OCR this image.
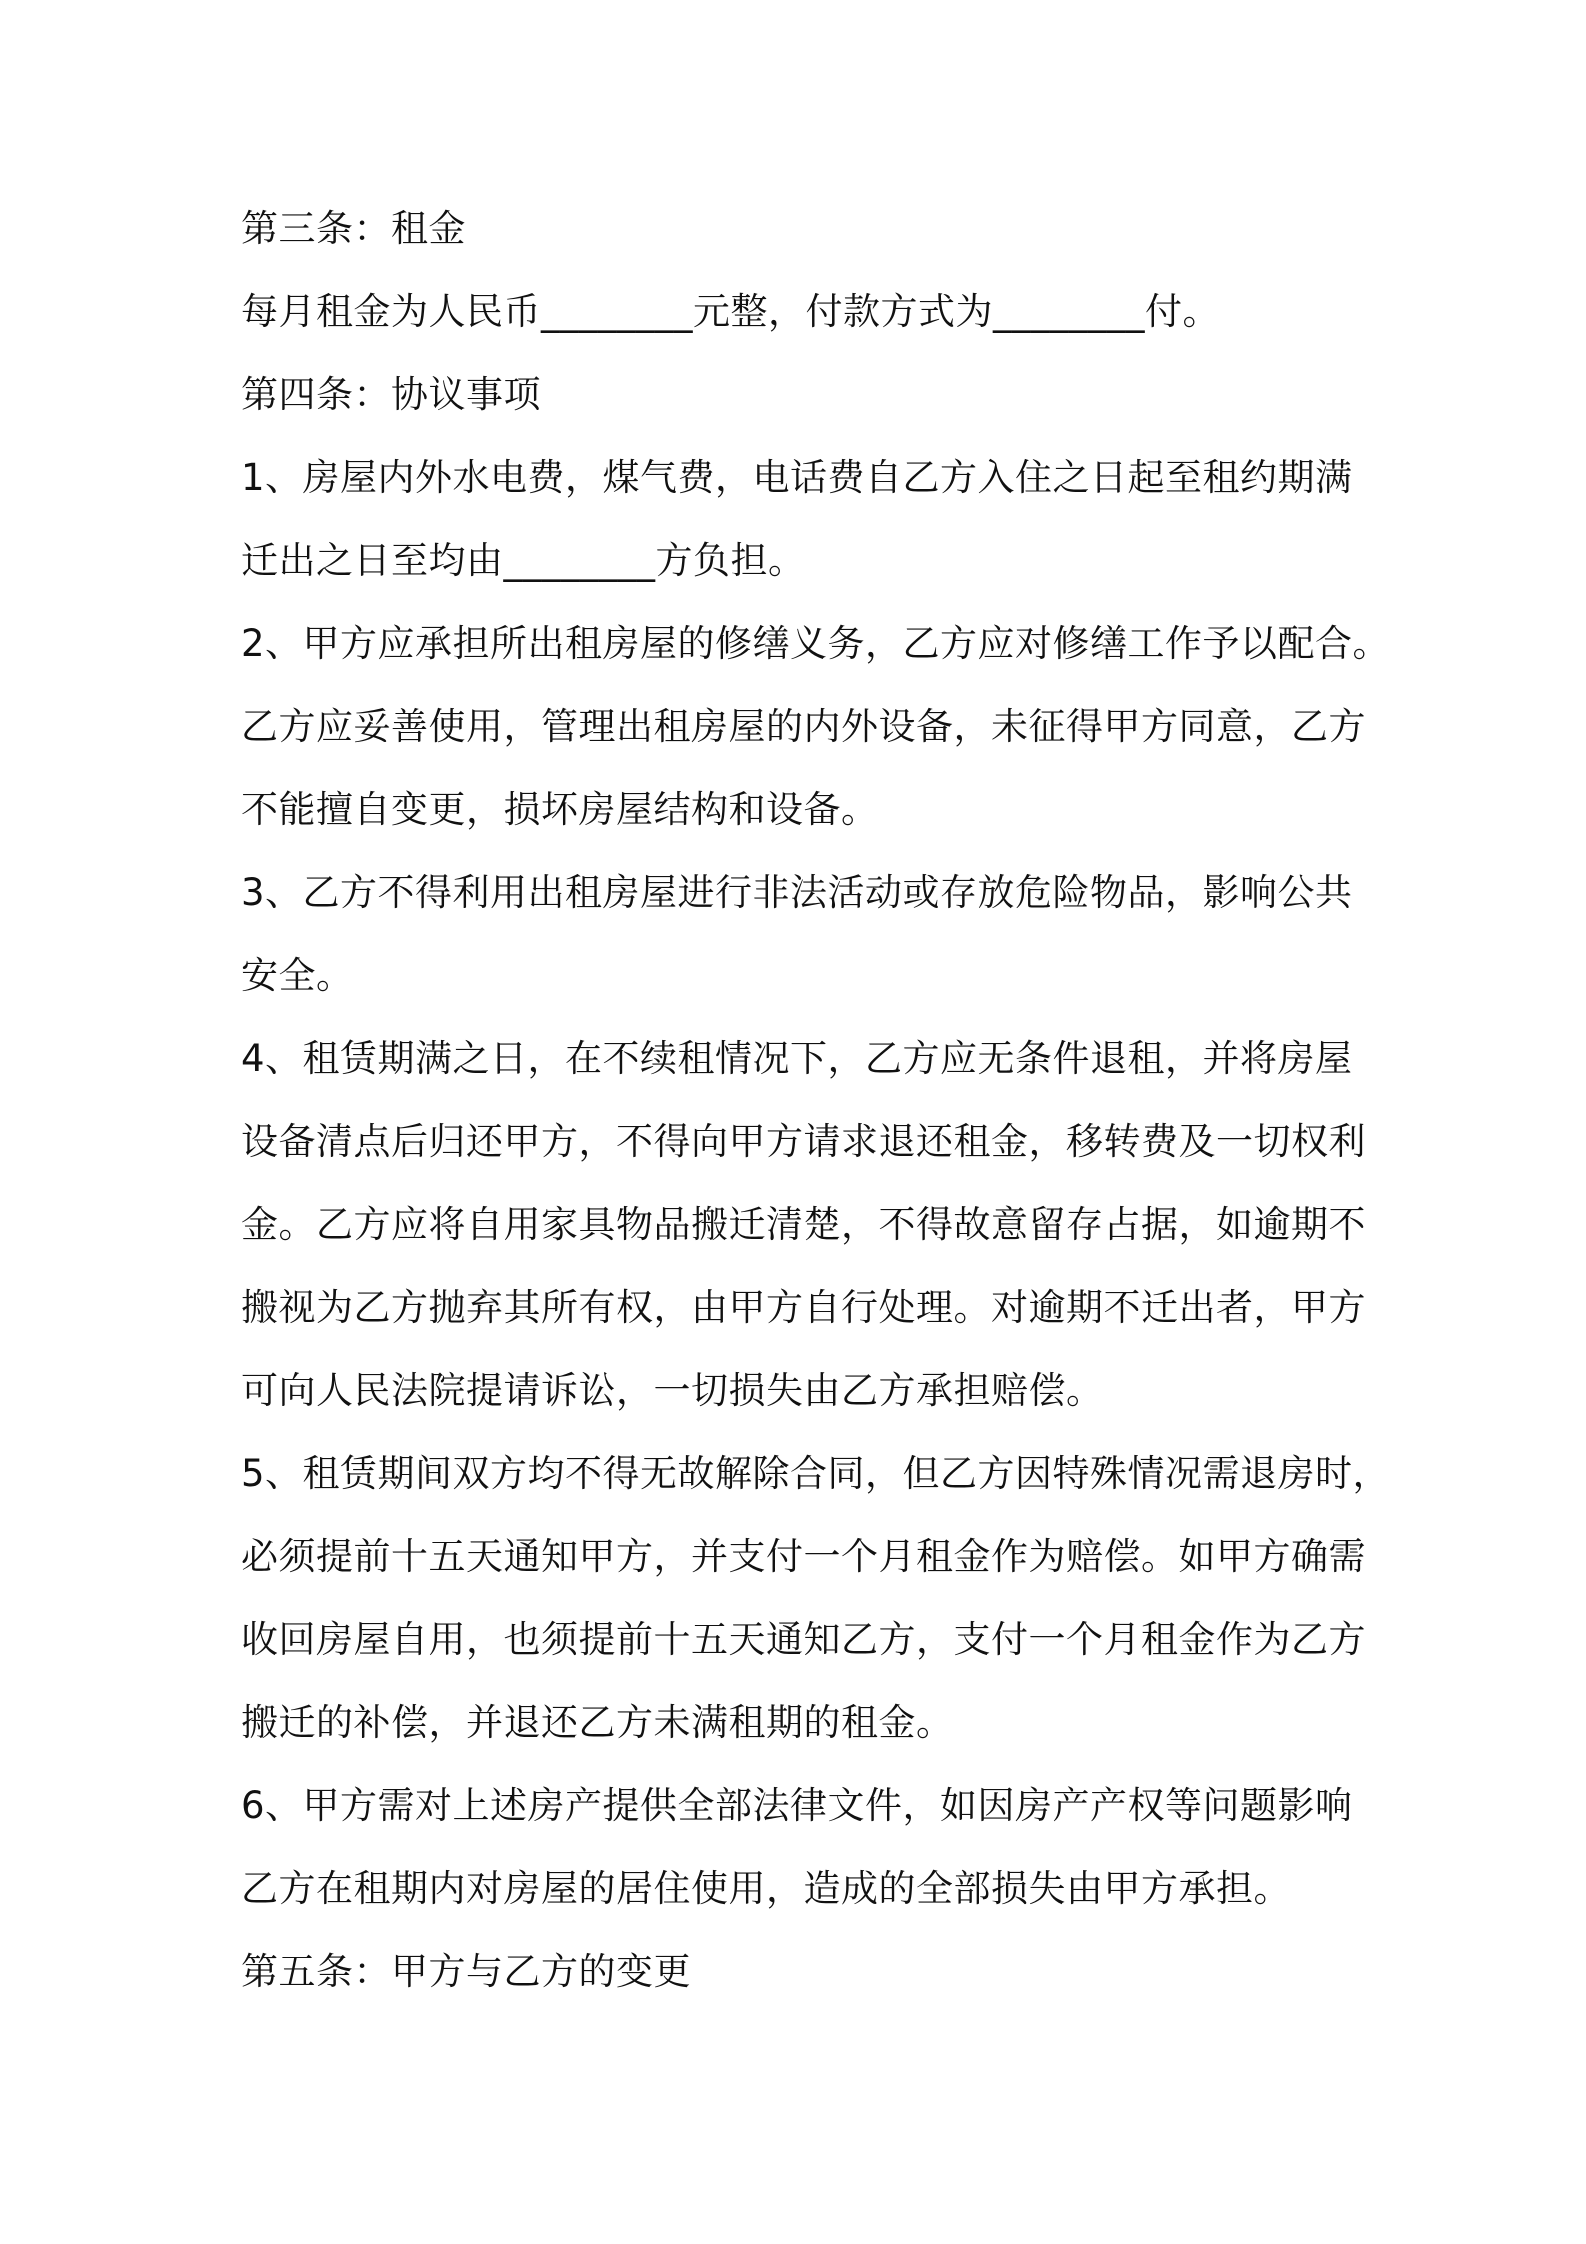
第三条：租金
每月租金为人民币________元整，付款方式为________付。
第四条：协议事项
1、房屋内外水电费，煤气费，电话费自乙方入住之日起至租约期满
迁出之日至均由________方负担。
2、甲方应承担所出租房屋的修缮义务，乙方应对修缮工作予以配合。
乙方应妥善使用，管理出租房屋的内外设备，未征得甲方同意，乙方
不能擅自变更，损坏房屋结构和设备。
3、乙方不得利用出租房屋进行非法活动或存放危险物品，影响公共
安全。
4、租赁期满之日，在不续租情况下，乙方应无条件退租，并将房屋
设备清点后归还甲方，不得向甲方请求退还租金，移转费及一切权利
金。乙方应将自用家具物品搬迁清楚，不得故意留存占据，如逾期不
搬视为乙方抛弃其所有权，由甲方自行处理。对逾期不迁出者，甲方
可向人民法院提请诉讼，一切损失由乙方承担赔偿。
5、租赁期间双方均不得无故解除合同，但乙方因特殊情况需退房时，
必须提前十五天通知甲方，并支付一个月租金作为赔偿。如甲方确需
收回房屋自用，也须提前十五天通知乙方，支付一个月租金作为乙方
搬迁的补偿，并退还乙方未满租期的租金。
6、甲方需对上述房产提供全部法律文件，如因房产产权等问题影响
乙方在租期内对房屋的居住使用，造成的全部损失由甲方承担。
第五条：甲方与乙方的变更
